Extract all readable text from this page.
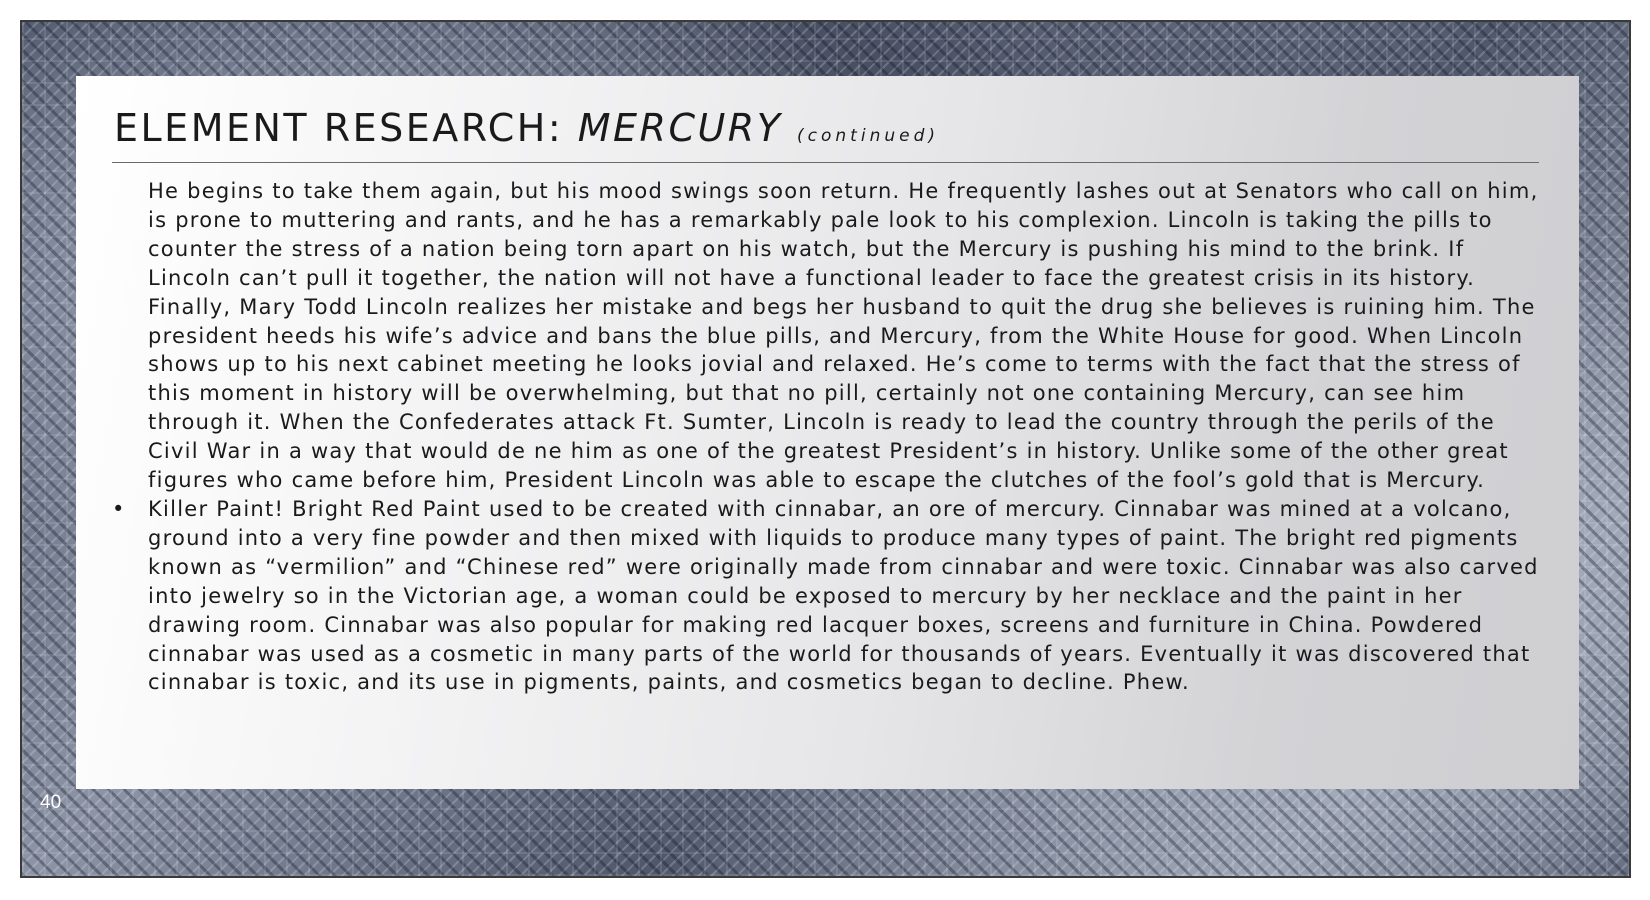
ELEMENT RESEARCH: MERCURY (continued)

He begins to take them again, but his mood swings soon return. He frequently lashes out at Senators who call on him, is prone to muttering and rants, and he has a remarkably pale look to his complexion. Lincoln is taking the pills to counter the stress of a nation being torn apart on his watch, but the Mercury is pushing his mind to the brink. If Lincoln can’t pull it together, the nation will not have a functional leader to face the greatest crisis in its history. Finally, Mary Todd Lincoln realizes her mistake and begs her husband to quit the drug she believes is ruining him. The president heeds his wife’s advice and bans the blue pills, and Mercury, from the White House for good. When Lincoln shows up to his next cabinet meeting he looks jovial and relaxed. He’s come to terms with the fact that the stress of this moment in history will be overwhelming, but that no pill, certainly not one containing Mercury, can see him through it. When the Confederates attack Ft. Sumter, Lincoln is ready to lead the country through the perils of the Civil War in a way that would de ne him as one of the greatest President’s in history. Unlike some of the other great figures who came before him, President Lincoln was able to escape the clutches of the fool’s gold that is Mercury.

• Killer Paint! Bright Red Paint used to be created with cinnabar, an ore of mercury. Cinnabar was mined at a volcano, ground into a very fine powder and then mixed with liquids to produce many types of paint. The bright red pigments known as “vermilion” and “Chinese red” were originally made from cinnabar and were toxic. Cinnabar was also carved into jewelry so in the Victorian age, a woman could be exposed to mercury by her necklace and the paint in her drawing room. Cinnabar was also popular for making red lacquer boxes, screens and furniture in China. Powdered cinnabar was used as a cosmetic in many parts of the world for thousands of years. Eventually it was discovered that cinnabar is toxic, and its use in pigments, paints, and cosmetics began to decline. Phew.

40
